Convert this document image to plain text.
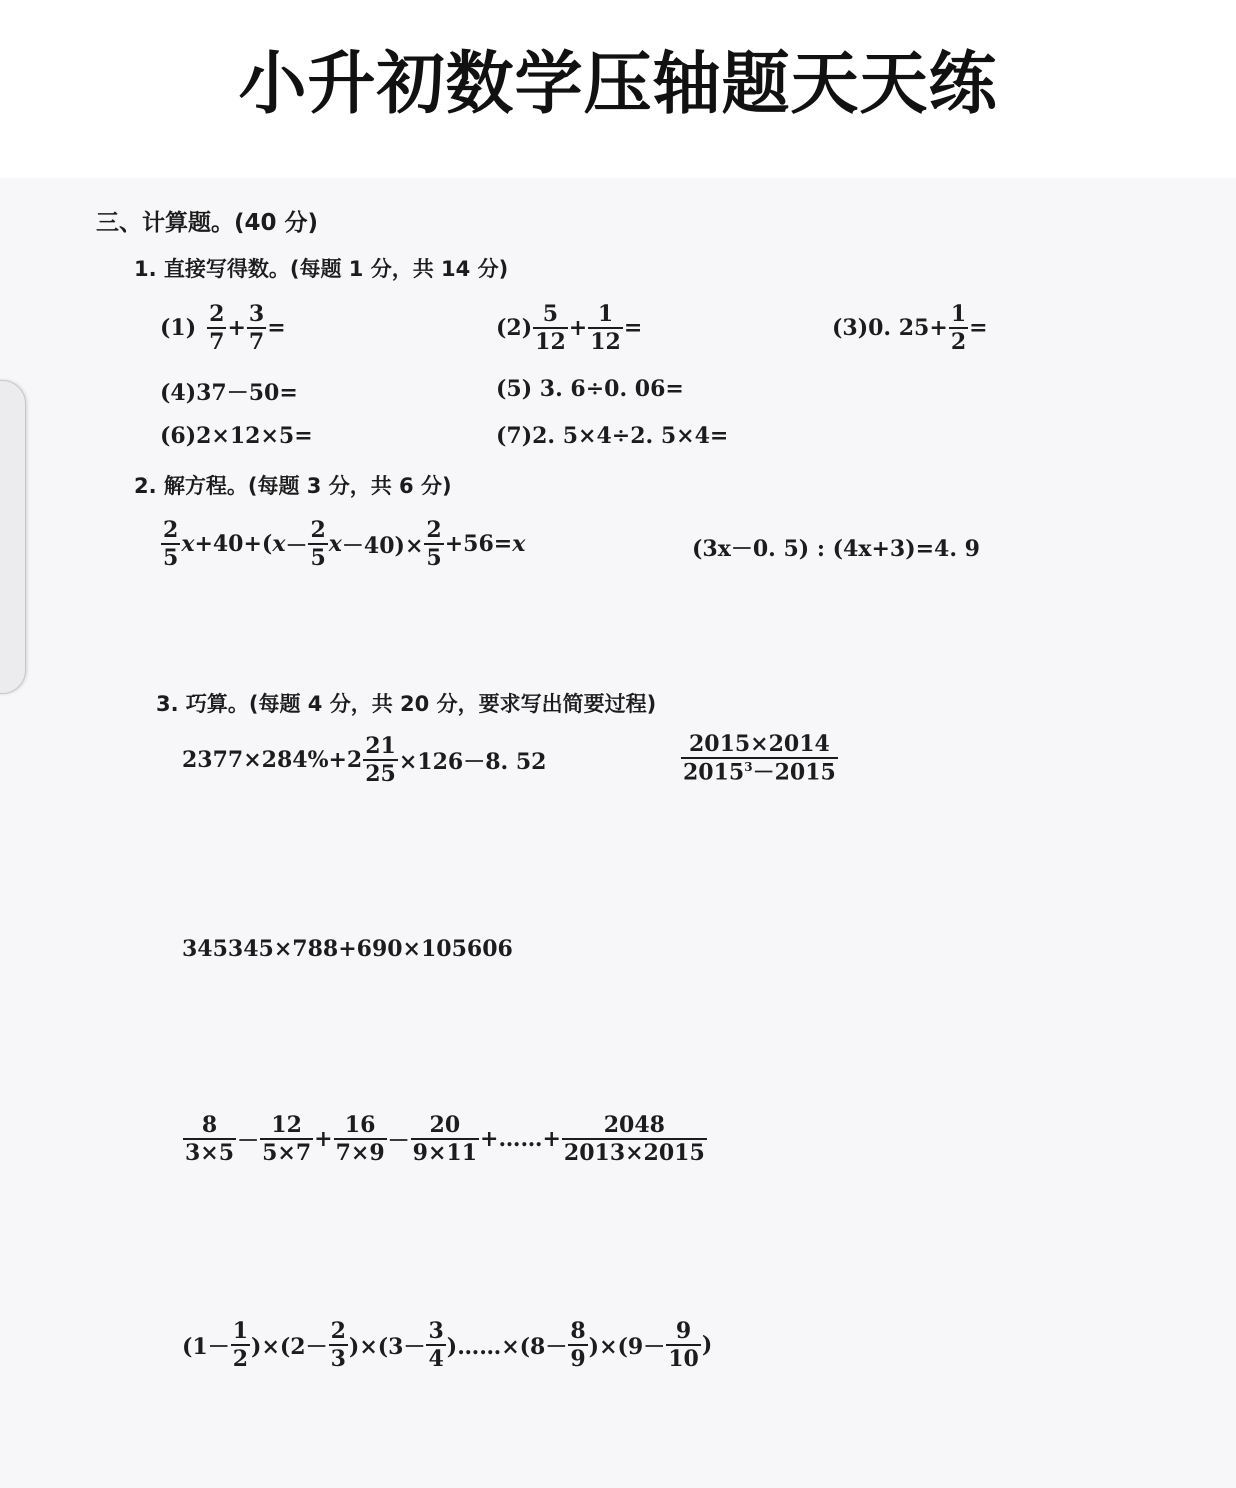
小升初数学压轴题天天练
三、计算题。(40 分)
1. 直接写得数。(每题 1 分，共 14 分)
$(1) \frac{2}{7} + \frac{3}{7}$ =	$(2) \frac{5}{12} + \frac{1}{12}$ =	(3)0. $25+ \frac{1}{2}$ =
(4)37－50=	(5) 3. 6÷0. 06=
(6)2×12×5=	(7)2. 5×4÷2. 5×4=
2. 解方程。(每题 3 分，共 6 分)
$\frac{2}{5}$ x +40+( $x - \frac{2}{5}$ $x -40)\times \frac{2}{5} +56= x$	(3x－0. 5) : (4x+3)=4. 9
3. 巧算。(每题 4 分，共 20 分，要求写出简要过程)
$2377\times 284\%+2 \frac{21}{25} \times 126-8$. 52	$\frac{2015\times 2014}{2015^3-2015}$
345345×788+690×105606
$\frac{8}{3\times 5} - \frac{12}{5\times 7} + \frac{16}{7\times 9} - \frac{20}{9\times 11}$ +……+ $\frac{2048}{2013\times 2015}$
$(1- \frac{1}{2} )\times(2- \frac{2}{3} )\times(3- \frac{3}{4}$ )……×(8－ $\frac{8}{9} )\times(9- \frac{9}{10}$ )
